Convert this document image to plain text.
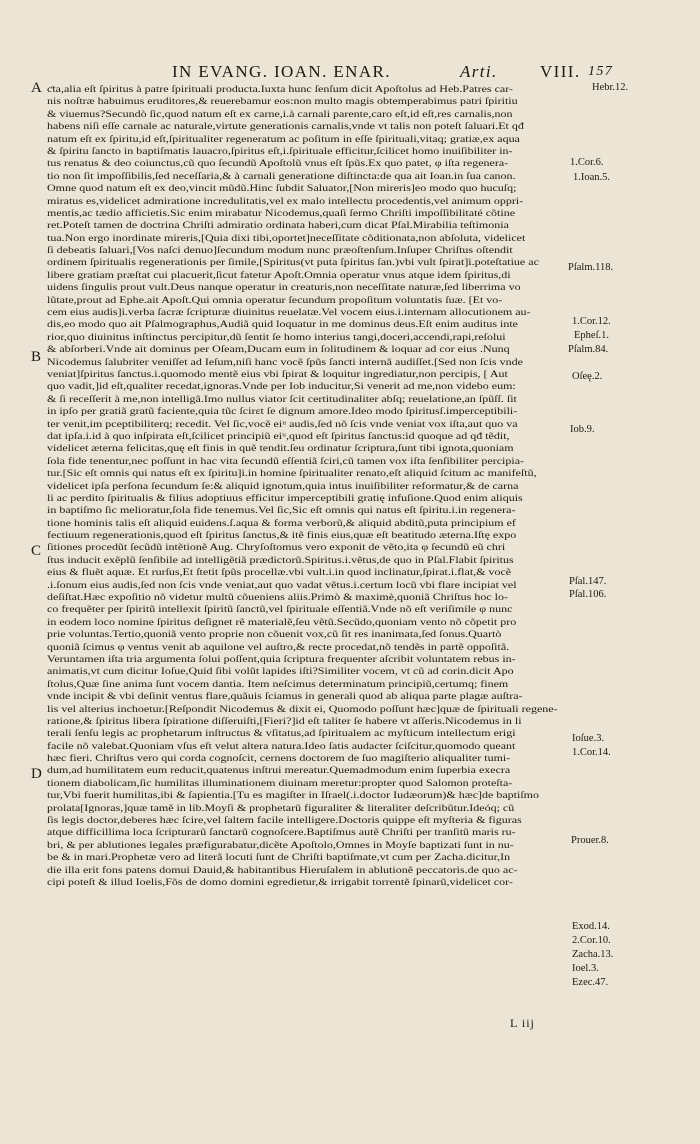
IN EVANG. IOAN. ENAR.	Arti. VIII. 157
A
B
C
D
ƈta,alia eſt ſpiritus à patre ſpirituali producta.Iuxta hunc ſenſum dicit Apoſtolus ad Heb.Patres car-
nis noſtræ habuimus eruditores,& reuerebamur eos:non multo magis obtemperabimus patri ſpiritiu
& viuemus?Secundò ſic,quod natum eſt ex carne,i.à carnali parente,caro eſt,id eſt,res carnalis,non
habens niſi eſſe carnale ac naturale,virtute generationis carnalis,vnde vt talis non poteſt ſaluari.Et qđ
natum eſt ex ſpiritu,id eſt,ſpiritualiter regeneratum ac poſitum in eſſe ſpirituali,vitaq; gratiæ,ex aqua
& ſpiritu ſancto in baptiſmatis lauacro,ſpiritus eſt,i.ſpirituale efficitur,ſcilicet homo inuiſibiliter in-
tus renatus & deo coiunctus,cũ quo ſecundũ Apoſtolũ vnus eſt ſpũs.Ex quo patet, φ iſta regenera-
tio non ſit impoſſibilis,ſed neceſſaria,& à carnali generatione diſtincta:de qua ait Ioan.in ſua canon.
Omne quod natum eſt ex deo,vincit mũdũ.Hinc ſubdit Saluator,[Non mireris]eo modo quo hucuſq;
miratus es,videlicet admiratione incredulitatis,vel ex malo intellectu procedentis,vel animum oppri-
mentis,ac tædio afficietis.Sic enim mirabatur Nicodemus,quaſi ſermo Chriſti impoſſibilitaté cõtine
ret.Poteſt tamen de doctrina Chriſti admiratio ordinata haberi,cum dicat Pſal.Mirabilia teſtimonia
tua.Non ergo inordinate mireris,[Quia dixi tibi,oportet]neceſſitate cõditionata,non abſoluta, videlicet
ſi debeatis ſaluari,[Vos naſci denuo]ſecundum modum nunc præoſtenſum.Inſuper Chriſtus oſtendit
ordinem ſpiritualis regenerationis per ſimile,[Spiritus(vt puta ſpiritus ſan.)vbi vult ſpirat]i.poteſtatiue ac
libere gratiam præſtat cui placuerit,ſicut fatetur Apoſt.Omnia operatur vnus atque idem ſpiritus,di
uidens ſingulis prout vult.Deus nanque operatur in creaturis,non neceſſitate naturæ,ſed liberrima vo
lũtate,prout ad Ephe.ait Apoſt.Qui omnia operatur ſecundum propoſitum voluntatis ſuæ. [Et vo-
cem eius audis]i.verba ſacræ ſcripturæ diuinitus reuelatæ.Vel vocem eius.i.internam allocutionem au-
dis,eo modo quo ait Pſalmographus,Audiã quid loquatur in me dominus deus.Eſt enim auditus inte
rior,quo diuinitus inſtinctus percipitur,dũ ſentit ſe homo interius tangi,doceri,accendi,rapi,reſolui
& abſorberi.Vnde ait dominus per Oſeam,Ducam eum in ſolitudinem & loquar ad cor eius .Nunq
Nicodemus ſalubriter veniſſet ad Ieſum,niſi hanc vocẽ ſpũs ſancti internã audiſſet.[Sed non ſcis vnde
veniat]ſpiritus ſanctus.i.quomodo mentẽ eius vbi ſpirat & loquitur ingrediatur,non percipis, [ Aut
quo vadit,]id eſt,qualiter recedat,ignoras.Vnde per Iob inducitur,Si venerit ad me,non videbo eum:
& ſi receſſerit à me,non intelligã.Imo nullus viator ſcit certitudinaliter abſq; reuelatione,an ſpũſſ. ſit
in ipſo per gratiã gratũ faciente,quia tũc ſcirεt ſe dignum amore.Ideo modo ſpiritusſ.imperceptibili-
ter venit,im pceptibiliterq; recedit. Vel ſic,vocẽ eiᵘ audis,ſed nõ ſcis vnde veniat vox iſta,aut quo va
dat ipſa.i.id à quo inſpirata eſt,ſcilicet principiũ eiᵘ,quod eſt ſpiritus ſanctus:id quoque ad qđ tẽdit,
videlicet æterna felicitas,quę eſt finis in quẽ tendit.ſeu ordinatur ſcriptura,ſunt tibi ignota,quoniam
ſola fide tenentur,nec poſſunt in hac vita ſecundũ eſſentiã ſciri,cũ tamen vox iſta ſenſibiliter percipia-
tur.[Sic eſt omnis qui natus eſt ex ſpiritu]i.in homine ſpiritualiter renato,eſt aliquid ſcitum ac manifeſtũ,
videlicet ipſa perſona ſecundum ſe:& aliquid ignotum,quia intus inuiſibiliter reformatur,& de carna
li ac perdito ſpiritualis & filius adoptiuus efficitur imperceptibili gratię infuſione.Quod enim aliquis
in baptiſmo ſic melioratur,ſola fide tenemus.Vel ſic,Sic eſt omnis qui natus eſt ſpiritu.i.in regenera-
tione hominis talis eſt aliquid euidens.ſ.aqua & forma verborũ,& aliquid abditũ,puta principium ef
fectiuum regenerationis,quod eſt ſpiritus ſanctus,& itẽ finis eius,quæ eſt beatitudo æterna.Iſtę expo
ſitiones procedũt ſecũdũ intẽtionẽ Aug. Chryſoſtomus vero exponit de vẽto,ita φ ſecundũ eũ chri
ſtus inducit exẽplũ ſenſibile ad intelligẽtiã prædictorũ.Spiritus.i.vẽtus,de quo in Pſal.Flabit ſpiritus
eius & fluẽt aquæ. Et rurſus,Et ſtetit ſpũs procellæ.vbi vult.i.in quod inclinatur,ſpirat.i.flat,& vocẽ
.i.ſonum eius audis,ſed non ſcis vnde veniat,aut quo vadat vẽtus.i.certum locũ vbi flare incipiat vel
deſiſtat.Hæc expoſitio nõ videtur multũ cõueniens aliis.Primò & maximè,quoniã Chriſtus hoc lo-
co frequẽter per ſpiritũ intellexit ſpiritũ ſanctũ,vel ſpirituale eſſentiã.Vnde nõ eſt veriſimile φ nunc
in eodem loco nomine ſpiritus deſignet rẽ materialẽ,ſeu vẽtũ.Secũdo,quoniam vento nõ cõpetit pro
prie voluntas.Tertio,quoniã vento proprie non cõuenit vox,cũ ſit res inanimata,ſed ſonus.Quartò
quoniã ſcimus φ ventus venit ab aquilone vel auſtro,& recte procedat,nõ tendẽs in partẽ oppoſitã.
Veruntamen iſta tria argumenta ſolui poſſent,quia ſcriptura frequenter aſcribit voluntatem rebus in-
animatis,vt cum dicitur Ioſue,Quid ſibi volũt lapides iſti?Similiter vocem, vt cũ ad corin.dicit Apo
ſtolus,Quæ ſine anima ſunt vocem dantia. Item neſcimus determinatum principiũ,certumq; finem
vnde incipit & vbi deſinit ventus flare,quãuis ſciamus in generali quod ab aliqua parte plagæ auſtra-
lis vel alterius inchoetur.[Reſpondit Nicodemus & dixit ei, Quomodo poſſunt hæc]quæ de ſpirituali regene-
ratione,& ſpiritus libera ſpiratione diſſeruiſti,[Fieri?]id eſt taliter ſe habere vt aſſeris.Nicodemus in li
terali ſenſu legis ac prophetarum inſtructus & vſitatus,ad ſpiritualem ac myſticum intellectum erigi
facile nõ valebat.Quoniam vſus eſt velut altera natura.Ideo ſatis audacter ſciſcitur,quomodo queant
hæc fieri. Chriſtus vero qui corda cognoſcit, cernens doctorem de ſuo magiſterio aliqualiter tumi-
dum,ad humilitatem eum reducit,quatenus inſtrui mereatur.Quemadmodum enim ſuperbia execra
tionem diabolicam,ſic humilitas illuminationem diuinam meretur:propter quod Salomon proteſta-
tur,Vbi fuerit humilitas,ibi & ſapientia.[Tu es magiſter in Iſrael(.i.doctor Iudæorum)& hæc]de baptiſmo
prolata[Ignoras,]quæ tamẽ in lib.Moyſi & prophetarũ figuraliter & literaliter deſcribũtur.Ideóq; cũ
ſis legis doctor,deberes hæc ſcire,vel ſaltem facile intelligere.Doctoris quippe eſt myſteria & figuras
atque difficillima loca ſcripturarũ ſanctarũ cognoſcere.Baptiſmus autẽ Chriſti per tranſitũ maris ru-
bri, & per ablutiones legales præfigurabatur,dicẽte Apoſtolo,Omnes in Moyſe baptizati ſunt in nu-
be & in mari.Prophetæ vero ad literã locuti ſunt de Chriſti baptiſmate,vt cum per Zacha.dicitur,In
die illa erit fons patens domui Dauid,& habitantibus Hieruſalem in ablutionẽ peccatoris.de quo ac-
cipi poteſt & illud Ioelis,Fõs de domo domini egredietur,& irrigabit torrentẽ ſpinarũ,videlicet cor-
Hebr.12.
1.Cor.6.
1.Ioan.5.
Pſalm.118.
1.Cor.12.
Epheſ.1.
Pſalm.84.
Oſeę.2.
Iob.9.
Pſal.147.
Pſal.106.
Ioſue.3.
1.Cor.14.
Prouer.8.
Exod.14.
2.Cor.10.
Zacha.13.
Ioel.3.
Ezec.47.
L iij
